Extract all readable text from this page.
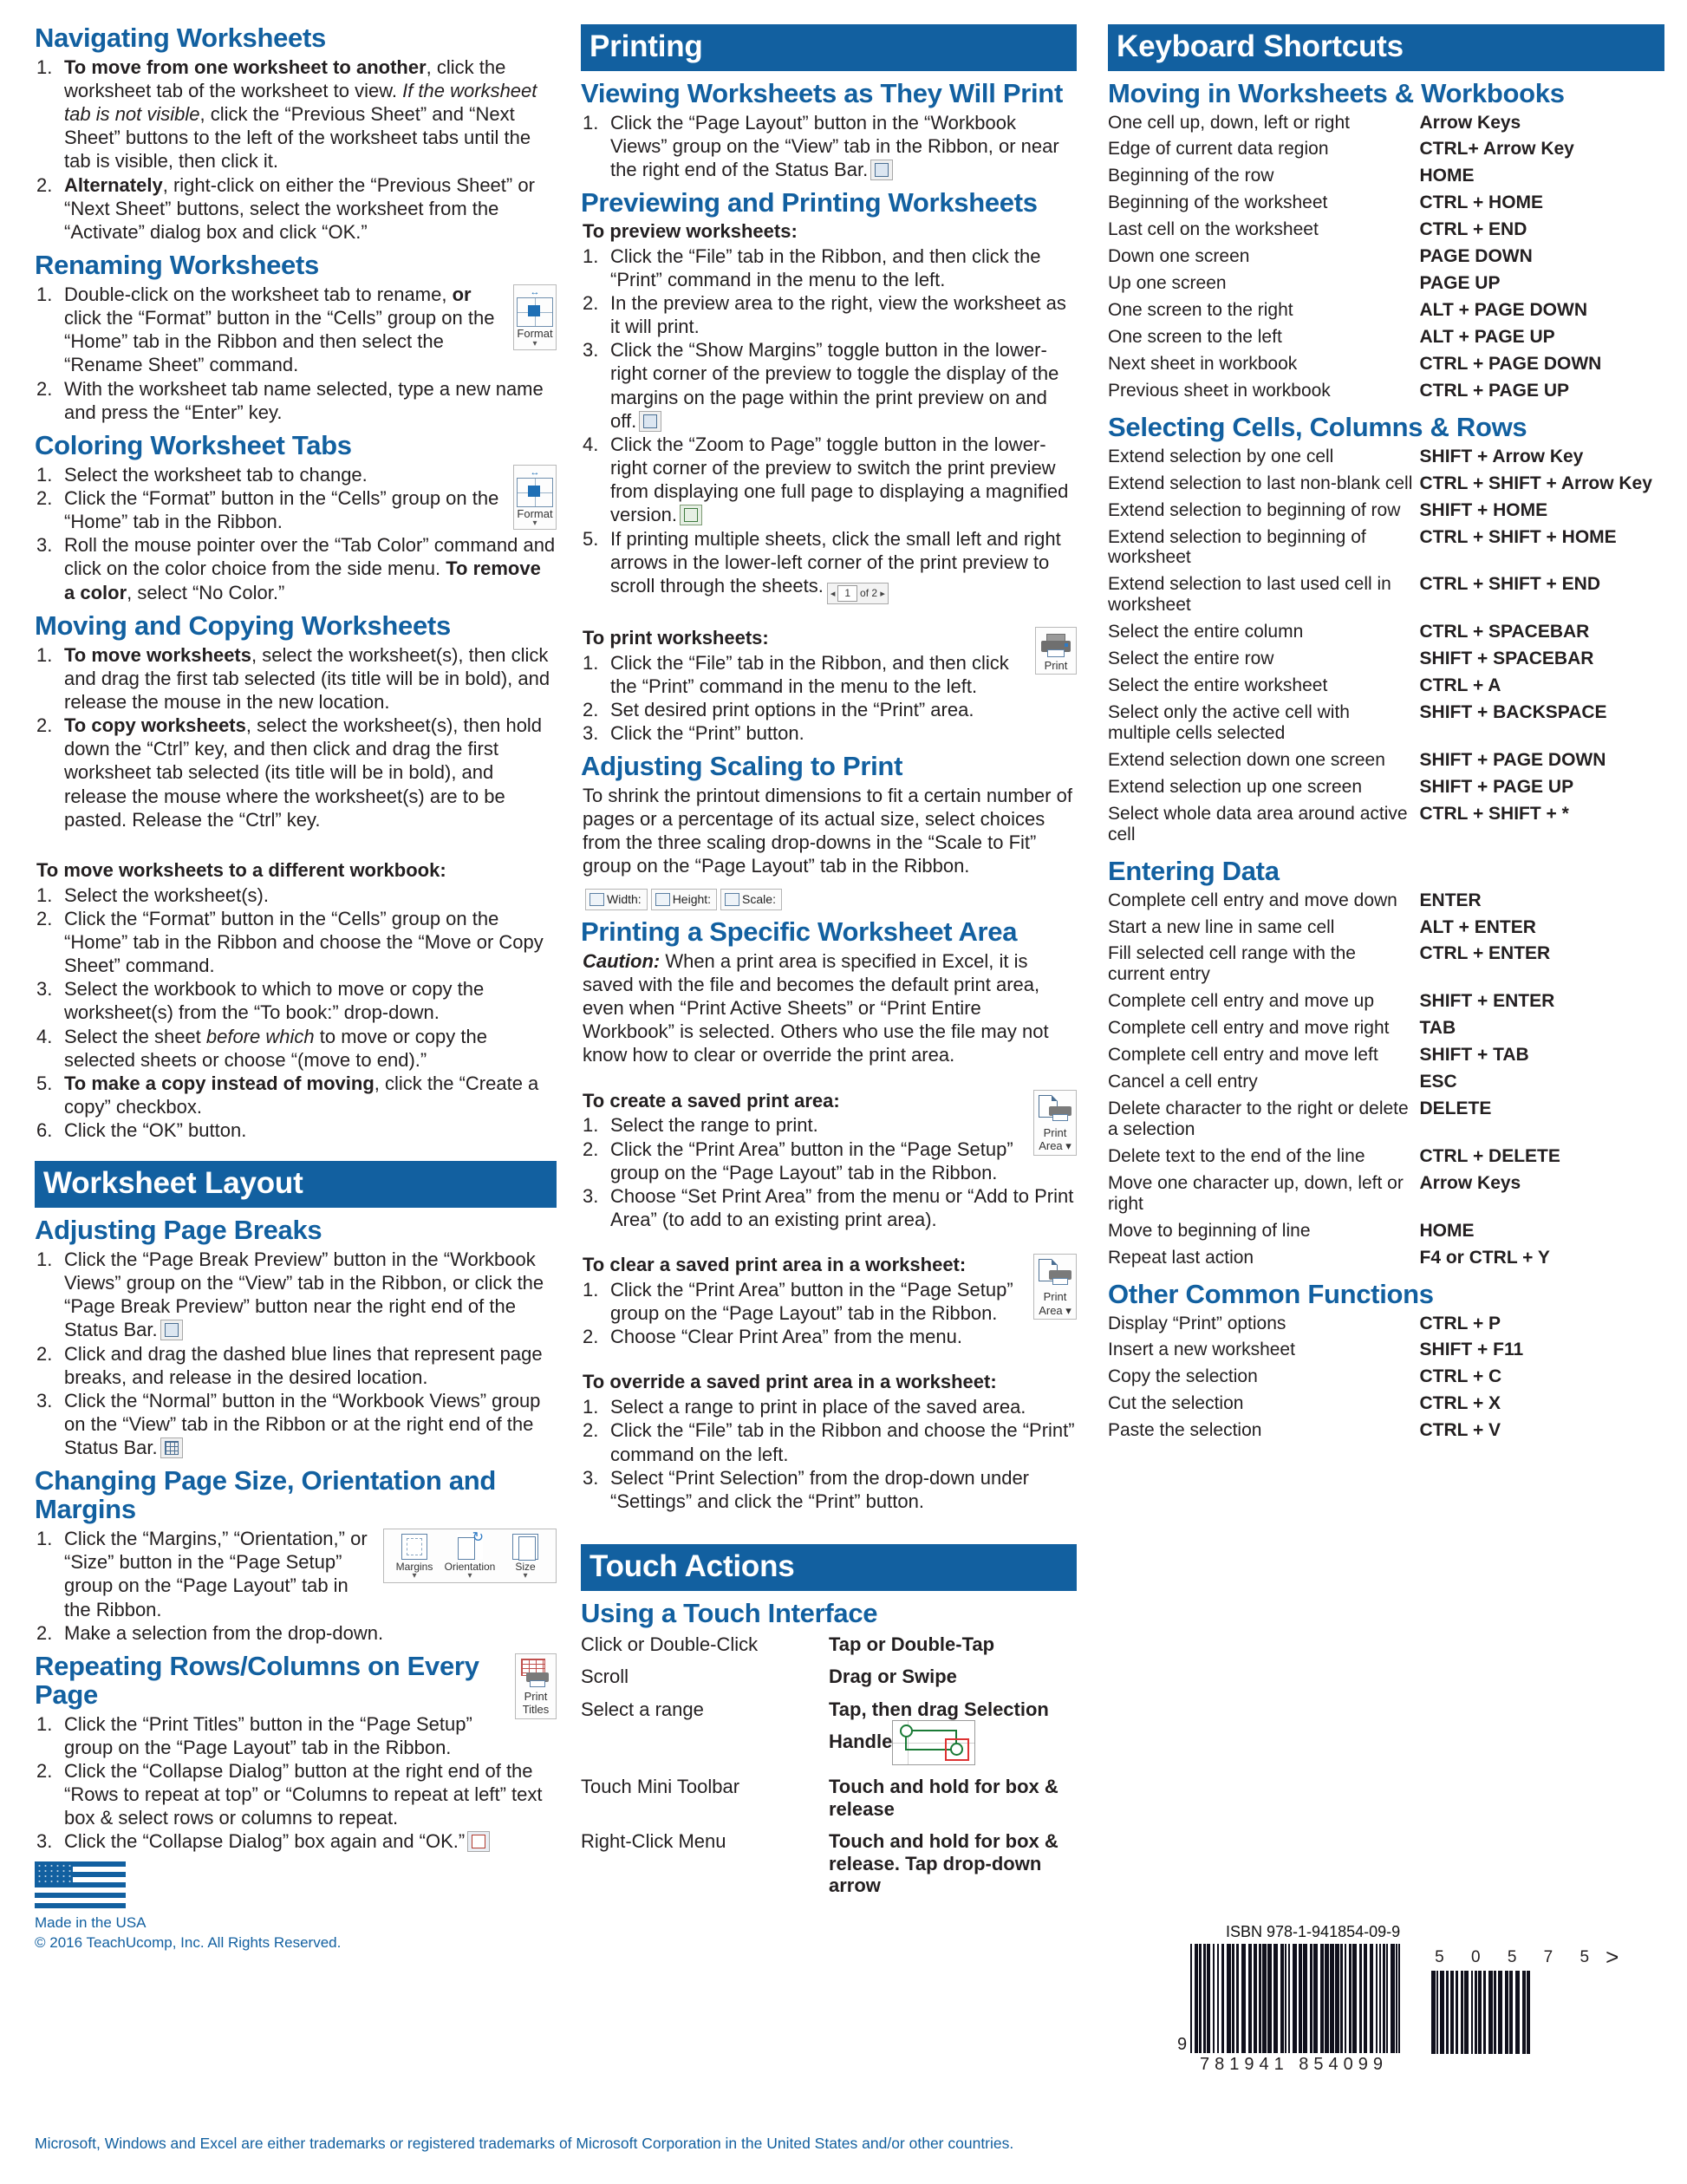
Navigating Worksheets
1. To move from one worksheet to another, click the worksheet tab of the worksheet to view. If the worksheet tab is not visible, click the “Previous Sheet” and “Next Sheet” buttons to the left of the worksheet tabs until the tab is visible, then click it.
2. Alternately, right-click on either the “Previous Sheet” or “Next Sheet” buttons, select the worksheet from the “Activate” dialog box and click “OK.”
Renaming Worksheets
↔
Format
▾
1. Double-click on the worksheet tab to rename, or click the “Format” button in the “Cells” group on the “Home” tab in the Ribbon and then select the “Rename Sheet” command.
2. With the worksheet tab name selected, type a new name and press the “Enter” key.
Coloring Worksheet Tabs
↔
Format
▾
1. Select the worksheet tab to change.
2. Click the “Format” button in the “Cells” group on the “Home” tab in the Ribbon.
3. Roll the mouse pointer over the “Tab Color” command and click on the color choice from the side menu. To remove a color, select “No Color.”
Moving and Copying Worksheets
1. To move worksheets, select the worksheet(s), then click and drag the first tab selected (its title will be in bold), and release the mouse in the new location.
2. To copy worksheets, select the worksheet(s), then hold down the “Ctrl” key, and then click and drag the first worksheet tab selected (its title will be in bold), and release the mouse where the worksheet(s) are to be pasted. Release the “Ctrl” key.
To move worksheets to a different workbook:
1. Select the worksheet(s).
2. Click the “Format” button in the “Cells” group on the “Home” tab in the Ribbon and choose the “Move or Copy Sheet” command.
3. Select the workbook to which to move or copy the worksheet(s) from the “To book:” drop-down.
4. Select the sheet before which to move or copy the selected sheets or choose “(move to end).”
5. To make a copy instead of moving, click the “Create a copy” checkbox.
6. Click the “OK” button.
Worksheet Layout
Adjusting Page Breaks
1. Click the “Page Break Preview” button in the “Workbook Views” group on the “View” tab in the Ribbon, or click the “Page Break Preview” button near the right end of the Status Bar.
2. Click and drag the dashed blue lines that represent page breaks, and release in the desired location.
3. Click the “Normal” button in the “Workbook Views” group on the “View” tab in the Ribbon or at the right end of the Status Bar.
Changing Page Size, Orientation and Margins
Margins
▾
↻
Orientation
▾
Size
▾
1. Click the “Margins,” “Orientation,” or “Size” button in the “Page Setup” group on the “Page Layout” tab in the Ribbon.
2. Make a selection from the drop-down.
Print
Titles
Repeating Rows/Columns on Every Page
1. Click the “Print Titles” button in the “Page Setup” group on the “Page Layout” tab in the Ribbon.
2. Click the “Collapse Dialog” button at the right end of the “Rows to repeat at top” or “Columns to repeat at left” text box & select rows or columns to repeat.
3. Click the “Collapse Dialog” box again and “OK.”
Made in the USA
© 2016 TeachUcomp, Inc. All Rights Reserved.
Printing
Viewing Worksheets as They Will Print
1. Click the “Page Layout” button in the “Workbook Views” group on the “View” tab in the Ribbon, or near the right end of the Status Bar.
Previewing and Printing Worksheets
To preview worksheets:
1. Click the “File” tab in the Ribbon, and then click the “Print” command in the menu to the left.
2. In the preview area to the right, view the worksheet as it will print.
3. Click the “Show Margins” toggle button in the lower-right corner of the preview to toggle the display of the margins on the page within the print preview on and off.
4. Click the “Zoom to Page” toggle button in the lower-right corner of the preview to switch the print preview from displaying one full page to displaying a magnified version.
5. If printing multiple sheets, click the small left and right arrows in the lower-left corner of the print preview to scroll through the sheets. ◂ 1 of 2 ▸
Print
To print worksheets:
1. Click the “File” tab in the Ribbon, and then click the “Print” command in the menu to the left.
2. Set desired print options in the “Print” area.
3. Click the “Print” button.
Adjusting Scaling to Print

To shrink the printout dimensions to fit a certain number of pages or a percentage of its actual size, select choices from the three scaling drop-downs in the “Scale to Fit” group on the “Page Layout” tab in the Ribbon.Width:	Height:	Scale:

Printing a Specific Worksheet Area

Caution: When a print area is specified in Excel, it is saved with the file and becomes the default print area, even when “Print Active Sheets” or “Print Entire Workbook” is selected. Others who use the file may not know how to clear or override the print area.

Print
Area ▾
To create a saved print area:
1. Select the range to print.
2. Click the “Print Area” button in the “Page Setup” group on the “Page Layout” tab in the Ribbon.
3. Choose “Set Print Area” from the menu or “Add to Print Area” (to add to an existing print area).
Print
Area ▾
To clear a saved print area in a worksheet:
1. Click the “Print Area” button in the “Page Setup” group on the “Page Layout” tab in the Ribbon.
2. Choose “Clear Print Area” from the menu.
To override a saved print area in a worksheet:
1. Select a range to print in place of the saved area.
2. Click the “File” tab in the Ribbon and choose the “Print” command on the left.
3. Select “Print Selection” from the drop-down under “Settings” and click the “Print” button.
Touch Actions
Using a Touch Interface
Click or Double-Click	Tap or Double-Tap
Scroll	Drag or Swipe
Select a range	Tap, then drag Selection Handle

Touch Mini Toolbar	Touch and hold for box & release
Right-Click Menu	Touch and hold for box & release. Tap drop-down arrow
Keyboard Shortcuts
Moving in Worksheets & Workbooks
One cell up, down, left or right	Arrow Keys
Edge of current data region	CTRL+ Arrow Key
Beginning of the row	HOME
Beginning of the worksheet	CTRL + HOME
Last cell on the worksheet	CTRL + END
Down one screen	PAGE DOWN
Up one screen	PAGE UP
One screen to the right	ALT + PAGE DOWN
One screen to the left	ALT + PAGE UP
Next sheet in workbook	CTRL + PAGE DOWN
Previous sheet in workbook	CTRL + PAGE UP
Selecting Cells, Columns & Rows
Extend selection by one cell	SHIFT + Arrow Key
Extend selection to last non-blank cell	CTRL + SHIFT + Arrow Key
Extend selection to beginning of row	SHIFT + HOME
Extend selection to beginning of worksheet	CTRL + SHIFT + HOME
Extend selection to last used cell in worksheet	CTRL + SHIFT + END
Select the entire column	CTRL + SPACEBAR
Select the entire row	SHIFT + SPACEBAR
Select the entire worksheet	CTRL + A
Select only the active cell with multiple cells selected	SHIFT + BACKSPACE
Extend selection down one screen	SHIFT + PAGE DOWN
Extend selection up one screen	SHIFT + PAGE UP
Select whole data area around active cell	CTRL + SHIFT + *
Entering Data
Complete cell entry and move down	ENTER
Start a new line in same cell	ALT + ENTER
Fill selected cell range with the current entry	CTRL + ENTER
Complete cell entry and move up	SHIFT + ENTER
Complete cell entry and move right	TAB
Complete cell entry and move left	SHIFT + TAB
Cancel a cell entry	ESC
Delete character to the right or delete a selection	DELETE
Delete text to the end of the line	CTRL + DELETE
Move one character up, down, left or right	Arrow Keys
Move to beginning of line	HOME
Repeat last action	F4 or CTRL + Y
Other Common Functions
Display “Print” options	CTRL + P
Insert a new worksheet	SHIFT + F11
Copy the selection	CTRL + C
Cut the selection	CTRL + X
Paste the selection	CTRL + V
Microsoft, Windows and Excel are either trademarks or registered trademarks of Microsoft Corporation in the United States and/or other countries.
ISBN 978-1-941854-09-9
9
781941 854099
5 0 5 7 5 >
